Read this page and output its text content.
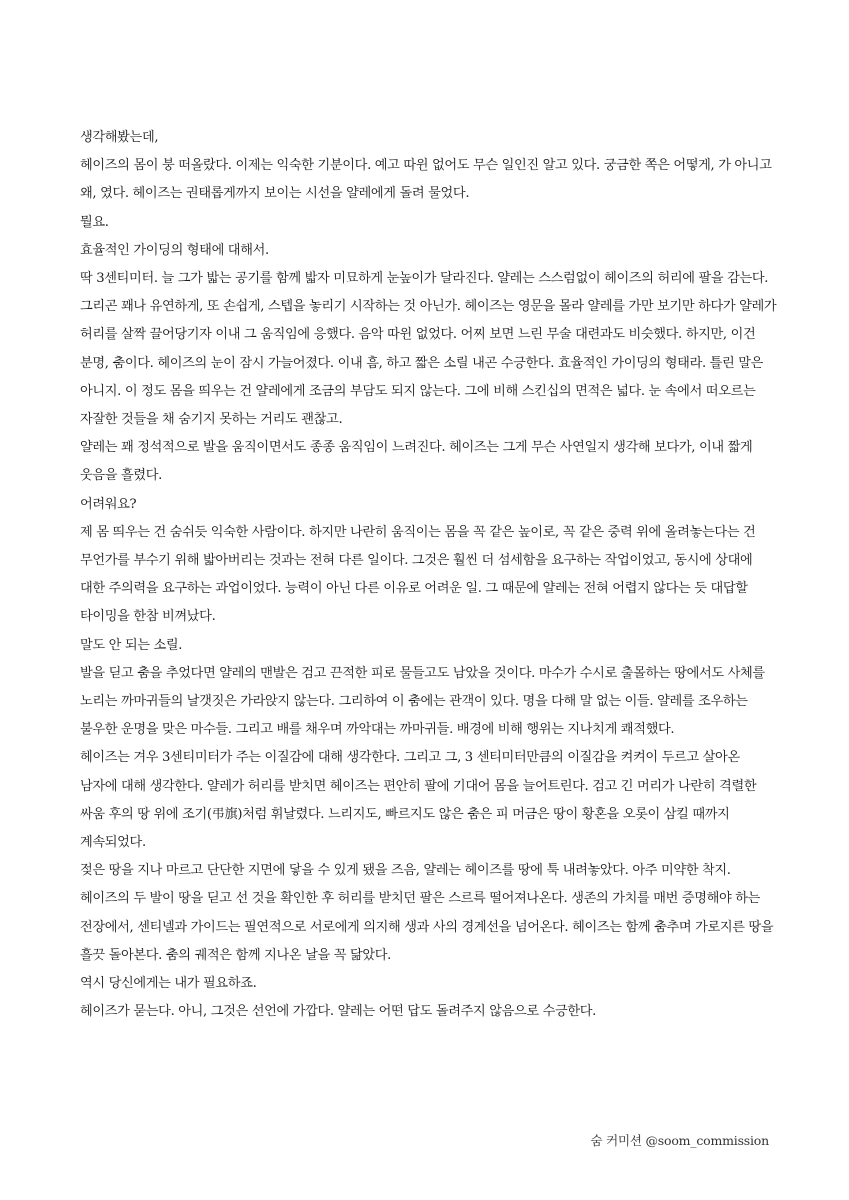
생각해봤는데,

헤이즈의 몸이 붕 떠올랐다. 이제는 익숙한 기분이다. 예고 따윈 없어도 무슨 일인진 알고 있다. 궁금한 쪽은 어떻게, 가 아니고 왜, 였다. 헤이즈는 권태롭게까지 보이는 시선을 얄레에게 돌려 물었다.

뭘요.

효율적인 가이딩의 형태에 대해서.

딱 3센티미터. 늘 그가 밟는 공기를 함께 밟자 미묘하게 눈높이가 달라진다. 얄레는 스스럼없이 헤이즈의 허리에 팔을 감는다. 그리곤 꽤나 유연하게, 또 손쉽게, 스텝을 놓리기 시작하는 것 아닌가. 헤이즈는 영문을 몰라 얄레를 가만 보기만 하다가 얄레가 허리를 살짝 끌어당기자 이내 그 움직임에 응했다. 음악 따윈 없었다. 어찌 보면 느린 무술 대련과도 비슷했다. 하지만, 이건 분명, 춤이다. 헤이즈의 눈이 잠시 가늘어졌다. 이내 흠, 하고 짧은 소릴 내곤 수긍한다. 효율적인 가이딩의 형태라. 틀린 말은 아니지. 이 정도 몸을 띄우는 건 얄레에게 조금의 부담도 되지 않는다. 그에 비해 스킨십의 면적은 넓다. 눈 속에서 떠오르는 자잘한 것들을 채 숨기지 못하는 거리도 괜찮고.

얄레는 꽤 정석적으로 발을 움직이면서도 종종 움직임이 느려진다. 헤이즈는 그게 무슨 사연일지 생각해 보다가, 이내 짧게 웃음을 흘렸다.

어려워요?

제 몸 띄우는 건 숨쉬듯 익숙한 사람이다. 하지만 나란히 움직이는 몸을 꼭 같은 높이로, 꼭 같은 중력 위에 올려놓는다는 건 무언가를 부수기 위해 밟아버리는 것과는 전혀 다른 일이다. 그것은 훨씬 더 섬세함을 요구하는 작업이었고, 동시에 상대에 대한 주의력을 요구하는 과업이었다. 능력이 아닌 다른 이유로 어려운 일. 그 때문에 얄레는 전혀 어렵지 않다는 듯 대답할 타이밍을 한참 비껴났다.

말도 안 되는 소릴.

발을 딛고 춤을 추었다면 얄레의 맨발은 검고 끈적한 피로 물들고도 남았을 것이다. 마수가 수시로 출몰하는 땅에서도 사체를 노리는 까마귀들의 날갯짓은 가라앉지 않는다. 그리하여 이 춤에는 관객이 있다. 명을 다해 말 없는 이들. 얄레를 조우하는 불우한 운명을 맞은 마수들. 그리고 배를 채우며 까악대는 까마귀들. 배경에 비해 행위는 지나치게 쾌적했다.

헤이즈는 겨우 3센티미터가 주는 이질감에 대해 생각한다. 그리고 그, 3 센티미터만큼의 이질감을 켜켜이 두르고 살아온 남자에 대해 생각한다. 얄레가 허리를 받치면 헤이즈는 편안히 팔에 기대어 몸을 늘어트린다. 검고 긴 머리가 나란히 격렬한 싸움 후의 땅 위에 조기(弔旗)처럼 휘날렸다. 느리지도, 빠르지도 않은 춤은 피 머금은 땅이 황혼을 오롯이 삼킬 때까지 계속되었다.

젖은 땅을 지나 마르고 단단한 지면에 닿을 수 있게 됐을 즈음, 얄레는 헤이즈를 땅에 툭 내려놓았다. 아주 미약한 착지. 헤이즈의 두 발이 땅을 딛고 선 것을 확인한 후 허리를 받치던 팔은 스르륵 떨어져나온다. 생존의 가치를 매번 증명해야 하는 전장에서, 센티넬과 가이드는 필연적으로 서로에게 의지해 생과 사의 경계선을 넘어온다. 헤이즈는 함께 춤추며 가로지른 땅을 흘끗 돌아본다. 춤의 궤적은 함께 지나온 날을 꼭 닮았다.

역시 당신에게는 내가 필요하죠.

헤이즈가 묻는다. 아니, 그것은 선언에 가깝다. 얄레는 어떤 답도 돌려주지 않음으로 수긍한다.

숨 커미션 @soom_commission
